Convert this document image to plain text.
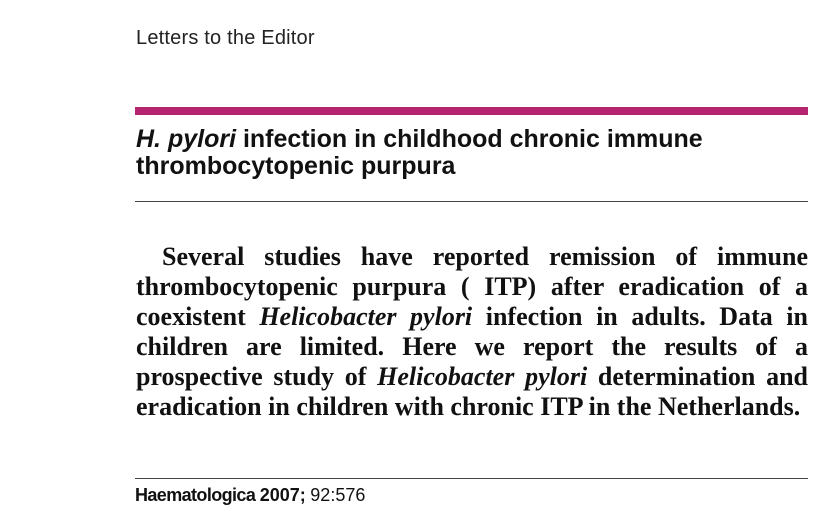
Letters to the Editor
H. pylori infection in childhood chronic immune thrombocytopenic purpura

Several studies have reported remission of immune thrombocytopenic purpura ( ITP) after eradication of a coexistent Helicobacter pylori infection in adults. Data in children are limited. Here we report the results of a prospective study of Helicobacter pylori determination and eradication in children with chronic ITP in the Netherlands.

Haematologica 2007; 92:576
